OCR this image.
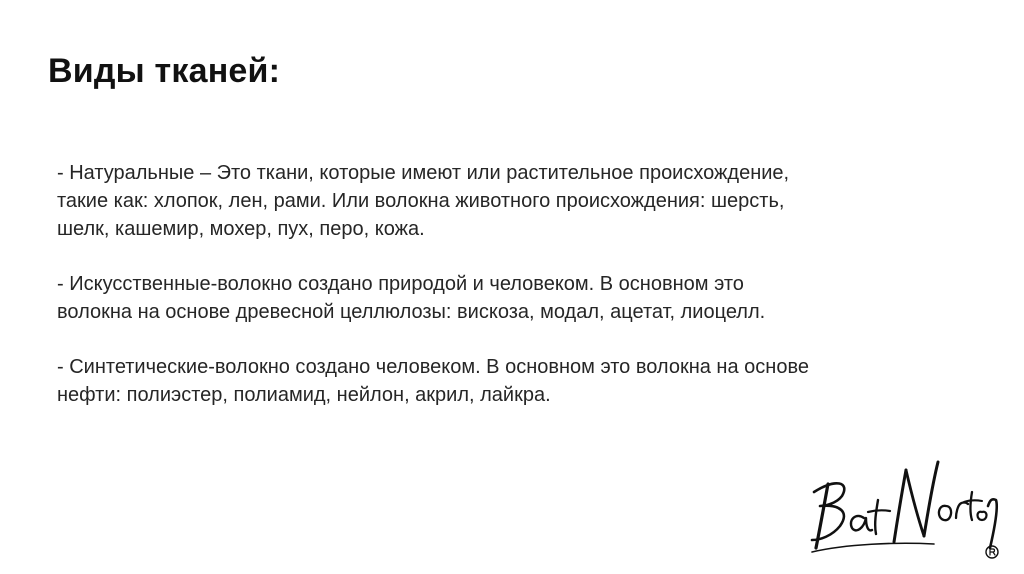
Виды тканей:

- Натуральные – Это ткани, которые имеют или растительное происхождение,
такие как: хлопок, лен, рами. Или волокна животного происхождения: шерсть,
шелк, кашемир, мохер, пух, перо, кожа.

- Искусственные-волокно создано природой и человеком. В основном это
волокна на основе древесной целлюлозы: вискоза, модал, ацетат, лиоцелл.

- Синтетические-волокно создано человеком. В основном это волокна на основе
нефти: полиэстер, полиамид, нейлон, акрил, лайкра.
